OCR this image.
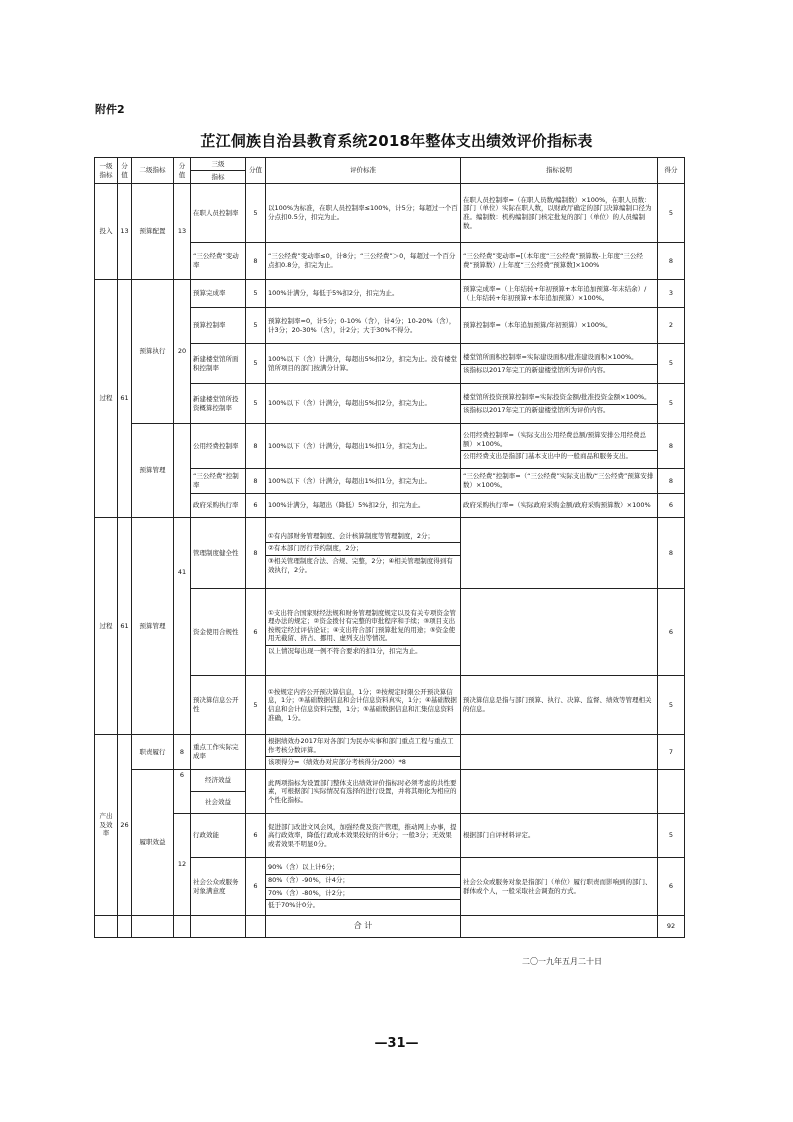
附件2
芷江侗族自治县教育系统2018年整体支出绩效评价指标表
一级指标	分值	二级指标	分值	三级	分值	评价标准	指标说明	得分
				指标				
投入	13	预算配置	13	在职人员控制率	5	以100%为标准，在职人员控制率≤100%，计5分；每超过一个百分点扣0.5分，扣完为止。	在职人员控制率=（在职人员数/编制数）×100%，在职人员数：部门（单位）实际在职人数，以财政厅确定的部门决算编制口径为准。编制数：机构编制部门核定批复的部门（单位）的人员编制数。	5
				“三公经费”变动率	8	“三公经费”变动率≤0，计8分；“三公经费”＞0，每超过一个百分点扣0.8分，扣完为止。	“三公经费”变动率=[（本年度“三公经费”预算数-上年度“三公经费”预算数）/上年度“三公经费”预算数]×100%	8
过程	61	预算执行	20	预算完成率	5	100%计满分，每低于5%扣2分，扣完为止。	预算完成率=（上年结转+年初预算+本年追加预算-年末结余）/（上年结转+年初预算+本年追加预算）×100%。	3
				预算控制率	5	预算控制率=0，计5分；0-10%（含），计4分；10-20%（含），计3分；20-30%（含），计2分；大于30%不得分。	预算控制率=（本年追加预算/年初预算）×100%。	2
				新建楼堂馆所面积控制率	5	100%以下（含）计满分，每超出5%扣2分，扣完为止。没有楼堂馆所项目的部门按满分计算。	楼堂馆所面积控制率=实际建设面积/批准建设面积×100%。
该指标以2017年完工的新建楼堂馆所为评价内容。	5
				新建楼堂馆所投资概算控制率	5	100%以下（含）计满分，每超出5%扣2分，扣完为止。	楼堂馆所投资预算控制率=实际投资金额/批准投资金额×100%。
该指标以2017年完工的新建楼堂馆所为评价内容。	5
		预算管理		公用经费控制率	8	100%以下（含）计满分，每超出1%扣1分，扣完为止。	公用经费控制率=（实际支出公用经费总额/预算安排公用经费总额）×100%。
公用经费支出是指部门基本支出中的一般商品和服务支出。	8
				“三公经费”控制率	8	100%以下（含）计满分，每超出1%扣1分，扣完为止。	“三公经费”控制率=（“三公经费”实际支出数/“三公经费”预算安排数）×100%。	8
				政府采购执行率	6	100%计满分，每超出（降低）5%扣2分，扣完为止。	政府采购执行率=（实际政府采购金额/政府采购预算数）×100%	6
过程	61	预算管理	41	管理制度健全性	8	①有内部财务管理制度、会计核算制度等管理制度，2分；
②有本部门厉行节约制度，2分；
③相关管理制度合法、合规、完整，2分；④相关管理制度得到有效执行，2分。		8
				资金使用合规性	6	①支出符合国家财经法规和财务管理制度规定以及有关专项资金管理办法的规定；②资金拨付有完整的审批程序和手续；③项目支出按规定经过评估论证；④支出符合部门预算批复的用途；⑤资金使用无截留、挤占、挪用、虚列支出等情况。
以上情况每出现一例不符合要求的扣1分，扣完为止。		6
				预决算信息公开性	5	①按规定内容公开预决算信息，1分；②按规定时限公开预决算信息，1分；③基础数据信息和会计信息资料真实，1分；④基础数据信息和会计信息资料完整，1分；⑤基础数据信息和汇集信息资料准确，1分。	预决算信息是指与部门预算、执行、决算、监督、绩效等管理相关的信息。	5
产出及效率	26	职责履行	8	重点工作实际完成率		根据绩效办2017年对各部门为民办实事和部门重点工程与重点工作考核分数评算。
该项得分=（绩效办对应部分考核得分/200）*8		7
		履职效益	6	经济效益		此两项指标为设置部门整体支出绩效评价指标时必须考虑的共性要素，可根据部门实际情况有选择的进行设置，并将其细化为相应的个性化指标。		
				社会效益				
			12	行政效能	6	促进部门改进文风会风，加强经费及资产管理，推动网上办事，提高行政效率，降低行政成本效果较好的计6分；一般3分；无效果或者效果不明显0分。	根据部门自评材料评定。	5
				社会公众或服务对象满意度	6	90%（含）以上计6分；
80%（含）-90%，计4分；
70%（含）-80%，计2分；
低于70%计0分。	社会公众或服务对象是指部门（单位）履行职责而影响到的部门、群体或个人，一般采取社会调查的方式。	6
						合 计		92
二〇一九年五月二十日
—31—
